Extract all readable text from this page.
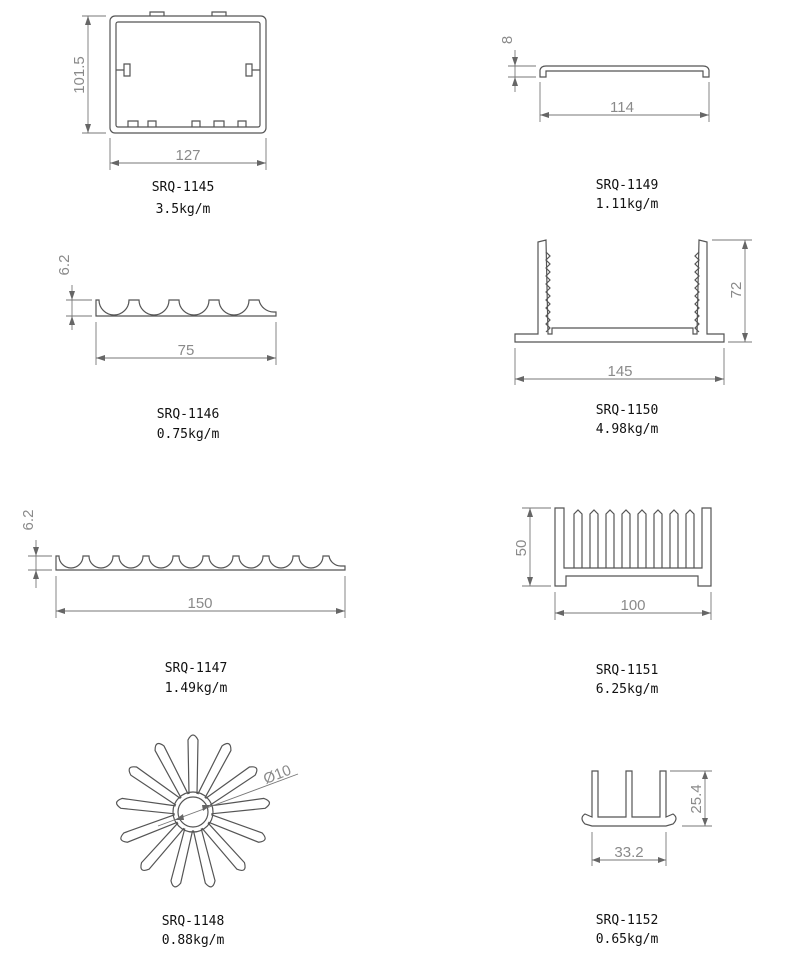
127
101.5
SRQ-1145
3.5kg/m
114
8
SRQ-1149
1.11kg/m
75
6.2
SRQ-1146
0.75kg/m
145
72
SRQ-1150
4.98kg/m
150
6.2
SRQ-1147
1.49kg/m
100
50
SRQ-1151
6.25kg/m
Ø10
SRQ-1148
0.88kg/m
33.2
25.4
SRQ-1152
0.65kg/m
